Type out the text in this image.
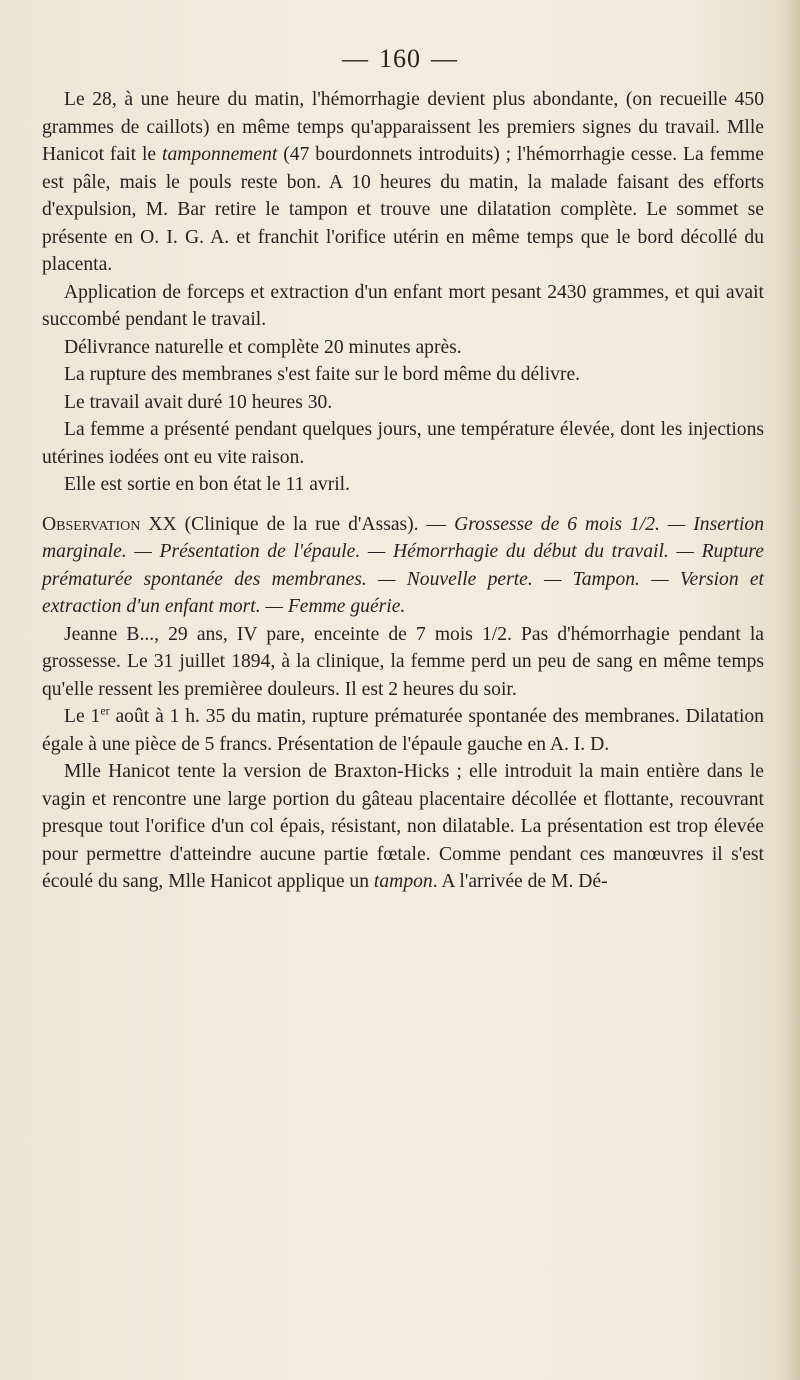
— 160 —

Le 28, à une heure du matin, l'hémorrhagie devient plus abondante, (on recueille 450 grammes de caillots) en même temps qu'apparaissent les premiers signes du travail. Mlle Hanicot fait le tamponnement (47 bourdonnets introduits) ; l'hémorrhagie cesse. La femme est pâle, mais le pouls reste bon. A 10 heures du matin, la malade faisant des efforts d'expulsion, M. Bar retire le tampon et trouve une dilatation complète. Le sommet se présente en O. I. G. A. et franchit l'orifice utérin en même temps que le bord décollé du placenta.

Application de forceps et extraction d'un enfant mort pesant 2430 grammes, et qui avait succombé pendant le travail.

Délivrance naturelle et complète 20 minutes après.

La rupture des membranes s'est faite sur le bord même du délivre.

Le travail avait duré 10 heures 30.

La femme a présenté pendant quelques jours, une température élevée, dont les injections utérines iodées ont eu vite raison.

Elle est sortie en bon état le 11 avril.

Observation XX (Clinique de la rue d'Assas). — Grossesse de 6 mois 1/2. — Insertion marginale. — Présentation de l'épaule. — Hémorrhagie du début du travail. — Rupture prématurée spontanée des membranes. — Nouvelle perte. — Tampon. — Version et extraction d'un enfant mort. — Femme guérie.

Jeanne B..., 29 ans, IV pare, enceinte de 7 mois 1/2. Pas d'hémorrhagie pendant la grossesse. Le 31 juillet 1894, à la clinique, la femme perd un peu de sang en même temps qu'elle ressent les premièree douleurs. Il est 2 heures du soir.

Le 1er août à 1 h. 35 du matin, rupture prématurée spontanée des membranes. Dilatation égale à une pièce de 5 francs. Présentation de l'épaule gauche en A. I. D.

Mlle Hanicot tente la version de Braxton-Hicks ; elle introduit la main entière dans le vagin et rencontre une large portion du gâteau placentaire décollée et flottante, recouvrant presque tout l'orifice d'un col épais, résistant, non dilatable. La présentation est trop élevée pour permettre d'atteindre aucune partie fœtale. Comme pendant ces manœuvres il s'est écoulé du sang, Mlle Hanicot applique un tampon. A l'arrivée de M. Dé-
